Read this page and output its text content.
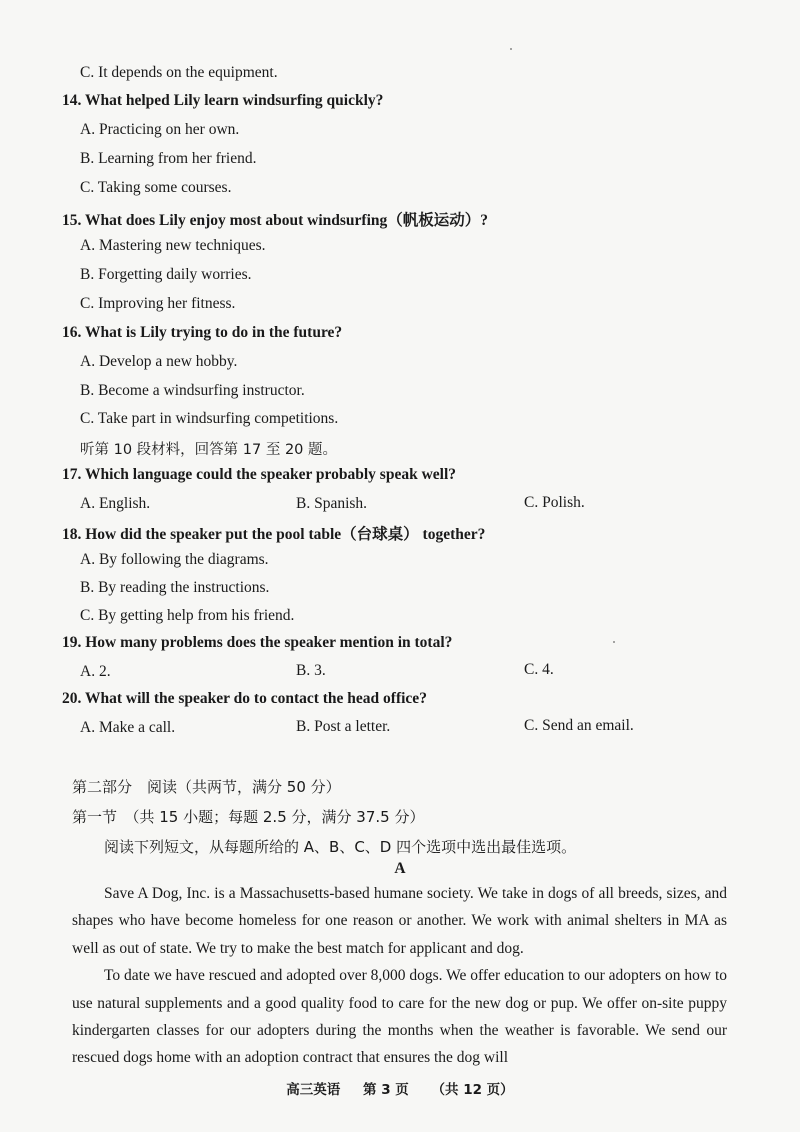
C. It depends on the equipment.
14. What helped Lily learn windsurfing quickly?
A. Practicing on her own.
B. Learning from her friend.
C. Taking some courses.
15. What does Lily enjoy most about windsurfing（帆板运动）?
A. Mastering new techniques.
B. Forgetting daily worries.
C. Improving her fitness.
16. What is Lily trying to do in the future?
A. Develop a new hobby.
B. Become a windsurfing instructor.
C. Take part in windsurfing competitions.
听第 10 段材料，回答第 17 至 20 题。
17. Which language could the speaker probably speak well?
A. English.	B. Spanish.	C. Polish.
18. How did the speaker put the pool table（台球桌） together?
A. By following the diagrams.
B. By reading the instructions.
C. By getting help from his friend.
19. How many problems does the speaker mention in total?
A. 2.	B. 3.	C. 4.
20. What will the speaker do to contact the head office?
A. Make a call.	B. Post a letter.	C. Send an email.
第二部分　阅读（共两节，满分 50 分）
第一节　（共 15 小题；每题 2.5 分，满分 37.5 分）
阅读下列短文，从每题所给的 A、B、C、D 四个选项中选出最佳选项。
A

Save A Dog, Inc. is a Massachusetts-based humane society. We take in dogs of all breeds, sizes, and shapes who have become homeless for one reason or another. We work with animal shelters in MA as well as out of state. We try to make the best match for applicant and dog.

To date we have rescued and adopted over 8,000 dogs. We offer education to our adopters on how to use natural supplements and a good quality food to care for the new dog or pup. We offer on-site puppy kindergarten classes for our adopters during the months when the weather is favorable. We send our rescued dogs home with an adoption contract that ensures the dog will

高三英语 第 3 页 （共 12 页）
